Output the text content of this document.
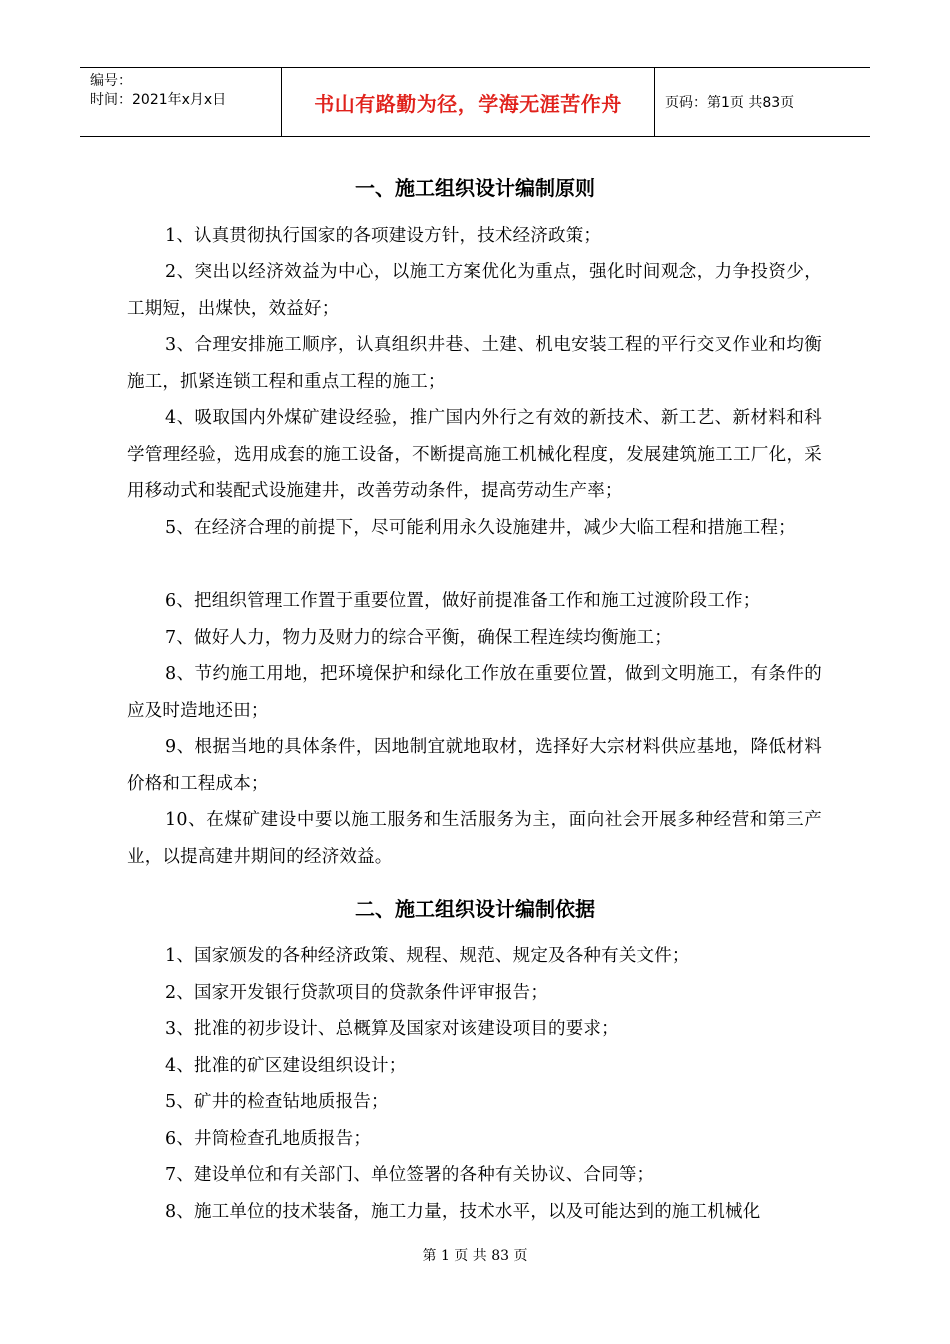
编号：
时间：2021年x月x日	书山有路勤为径，学海无涯苦作舟	页码：第1页 共83页
一、施工组织设计编制原则
1、认真贯彻执行国家的各项建设方针，技术经济政策；
2、突出以经济效益为中心，以施工方案优化为重点，强化时间观念，力争投资少，工期短，出煤快，效益好；
3、合理安排施工顺序，认真组织井巷、土建、机电安装工程的平行交叉作业和均衡施工，抓紧连锁工程和重点工程的施工；
4、吸取国内外煤矿建设经验，推广国内外行之有效的新技术、新工艺、新材料和科学管理经验，选用成套的施工设备，不断提高施工机械化程度，发展建筑施工工厂化，采用移动式和装配式设施建井，改善劳动条件，提高劳动生产率；
5、在经济合理的前提下，尽可能利用永久设施建井，减少大临工程和措施工程；
6、把组织管理工作置于重要位置，做好前提准备工作和施工过渡阶段工作；
7、做好人力，物力及财力的综合平衡，确保工程连续均衡施工；
8、节约施工用地，把环境保护和绿化工作放在重要位置，做到文明施工，有条件的应及时造地还田；
9、根据当地的具体条件，因地制宜就地取材，选择好大宗材料供应基地，降低材料价格和工程成本；
10、在煤矿建设中要以施工服务和生活服务为主，面向社会开展多种经营和第三产业，以提高建井期间的经济效益。
二、施工组织设计编制依据
1、国家颁发的各种经济政策、规程、规范、规定及各种有关文件；
2、国家开发银行贷款项目的贷款条件评审报告；
3、批准的初步设计、总概算及国家对该建设项目的要求；
4、批准的矿区建设组织设计；
5、矿井的检查钻地质报告；
6、井筒检查孔地质报告；
7、建设单位和有关部门、单位签署的各种有关协议、合同等；
8、施工单位的技术装备，施工力量，技术水平，以及可能达到的施工机械化
第 1 页 共 83 页
